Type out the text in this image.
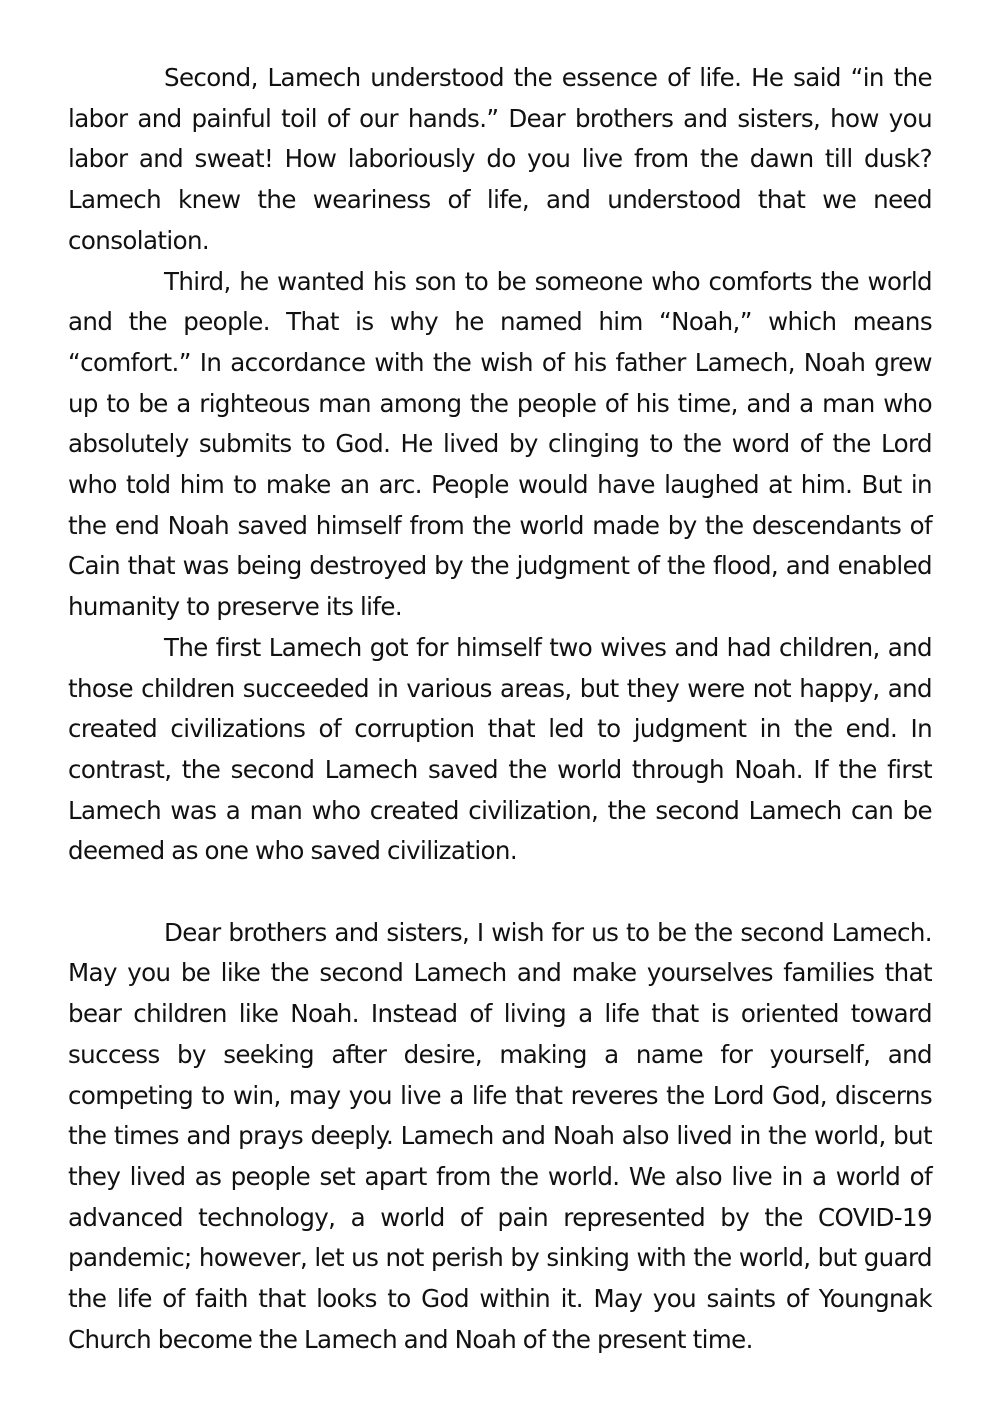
Second, Lamech understood the essence of life. He said “in the labor and painful toil of our hands.” Dear brothers and sisters, how you labor and sweat! How laboriously do you live from the dawn till dusk? Lamech knew the weariness of life, and understood that we need consolation.

Third, he wanted his son to be someone who comforts the world and the people. That is why he named him “Noah,” which means “comfort.” In accordance with the wish of his father Lamech, Noah grew up to be a righteous man among the people of his time, and a man who absolutely submits to God. He lived by clinging to the word of the Lord who told him to make an arc. People would have laughed at him. But in the end Noah saved himself from the world made by the descendants of Cain that was being destroyed by the judgment of the flood, and enabled humanity to preserve its life.

The first Lamech got for himself two wives and had children, and those children succeeded in various areas, but they were not happy, and created civilizations of corruption that led to judgment in the end. In contrast, the second Lamech saved the world through Noah. If the first Lamech was a man who created civilization, the second Lamech can be deemed as one who saved civilization.

Dear brothers and sisters, I wish for us to be the second Lamech. May you be like the second Lamech and make yourselves families that bear children like Noah. Instead of living a life that is oriented toward success by seeking after desire, making a name for yourself, and competing to win, may you live a life that reveres the Lord God, discerns the times and prays deeply. Lamech and Noah also lived in the world, but they lived as people set apart from the world. We also live in a world of advanced technology, a world of pain represented by the COVID-19 pandemic; however, let us not perish by sinking with the world, but guard the life of faith that looks to God within it. May you saints of Youngnak Church become the Lamech and Noah of the present time.
